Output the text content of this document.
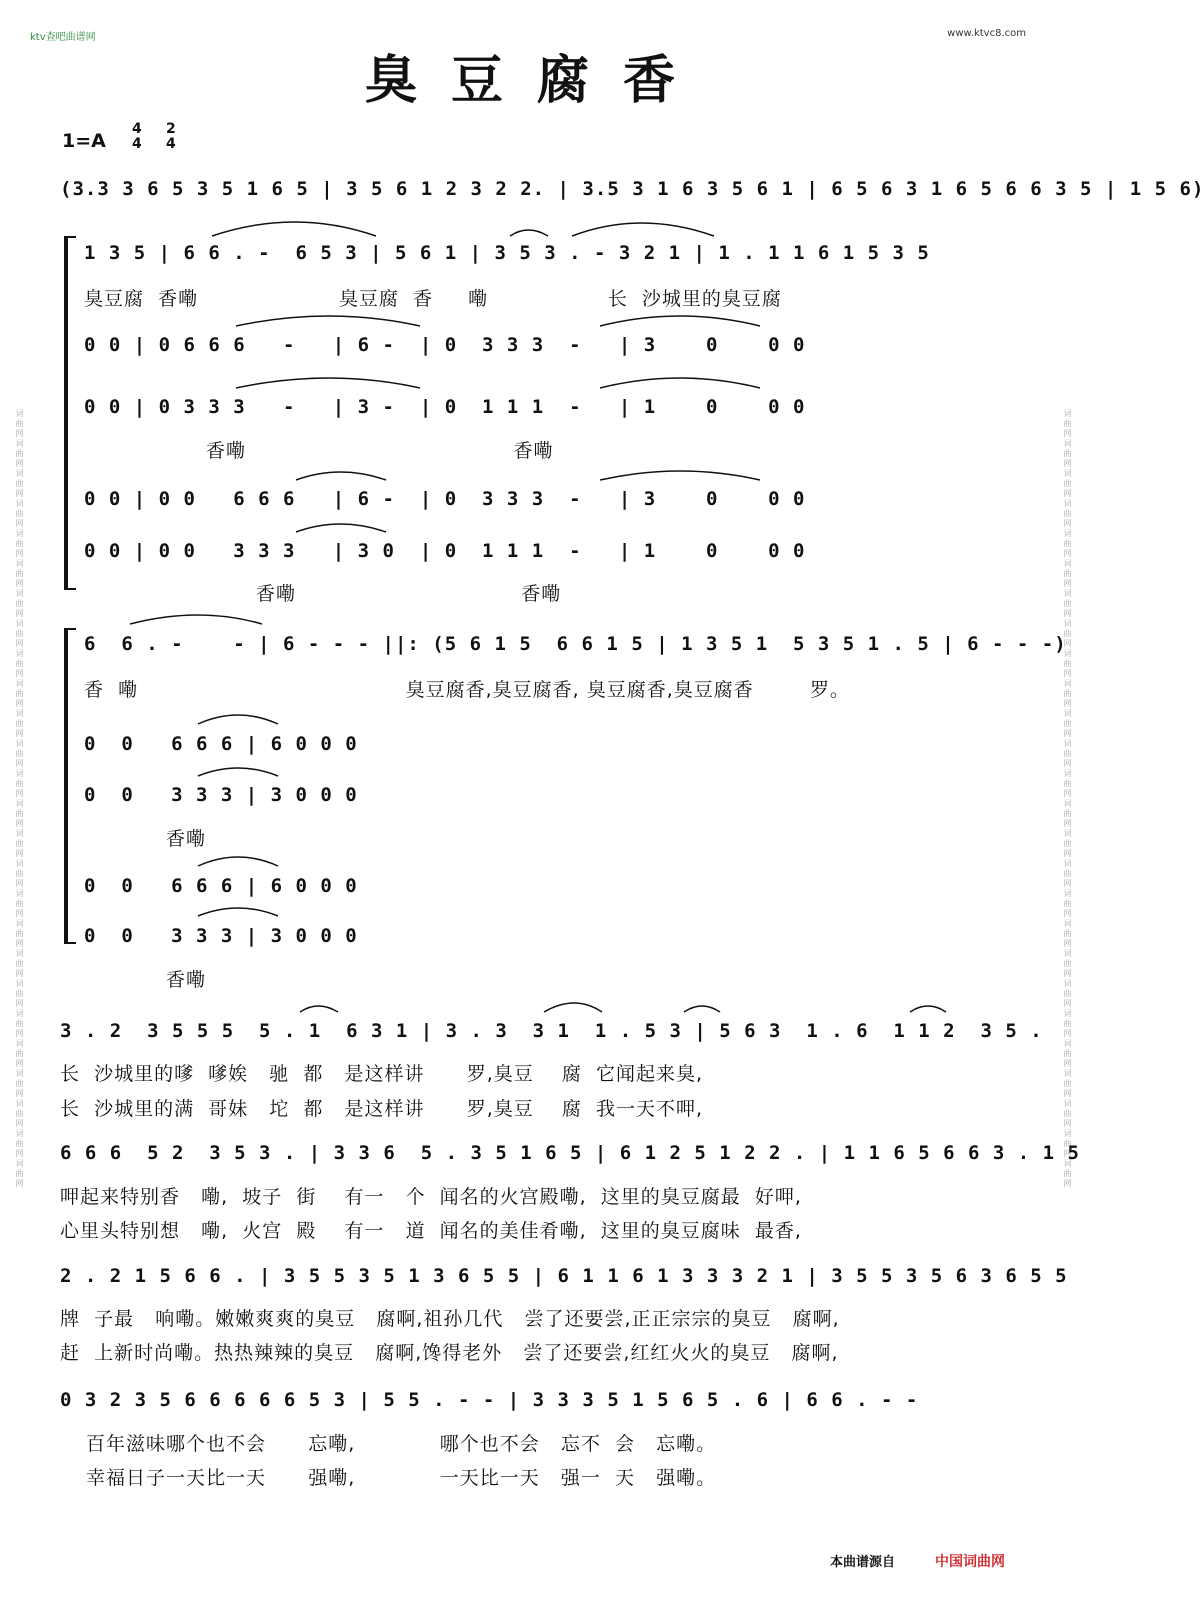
词曲网词曲网词曲网词曲网词曲网词曲网词曲网词曲网词曲网词曲网词曲网词曲网词曲网词曲网词曲网词曲网词曲网词曲网词曲网词曲网词曲网词曲网词曲网词曲网词曲网词曲网	词曲网词曲网词曲网词曲网词曲网词曲网词曲网词曲网词曲网词曲网词曲网词曲网词曲网词曲网词曲网词曲网词曲网词曲网词曲网词曲网词曲网词曲网词曲网词曲网词曲网词曲网
ktv查吧曲谱网	www.ktvc8.com
臭豆腐香
1=A
4
4
2
4
(3.3 3 6 5 3 5 1 6 5 | 3 5 6 1 2 3 2 2. | 3.5 3 1 6 3 5 6 1 | 6 5 6 3 1 6 5 6 6 3 5 | 1 5 6)
1 3 5 | 6 6 . -  6 5 3 | 5 6 1 | 3 5 3 . - 3 2 1 | 1 . 1 1 6 1 5 3 5
臭豆腐  香嘞                    臭豆腐  香     嘞                 长  沙城里的臭豆腐
0 0 | 0 6 6 6   -   | 6 -  | 0  3 3 3  -   | 3    0    0 0
0 0 | 0 3 3 3   -   | 3 -  | 0  1 1 1  -   | 1    0    0 0
香嘞                                      香嘞
0 0 | 0 0   6 6 6   | 6 -  | 0  3 3 3  -   | 3    0    0 0
0 0 | 0 0   3 3 3   | 3 0  | 0  1 1 1  -   | 1    0    0 0
香嘞                                香嘞
6  6 . -    - | 6 - - - ||: (5 6 1 5  6 6 1 5 | 1 3 5 1  5 3 5 1 . 5 | 6 - - -)
香  嘞                                      臭豆腐香,臭豆腐香, 臭豆腐香,臭豆腐香        罗。
0  0   6 6 6 | 6 0 0 0
0  0   3 3 3 | 3 0 0 0
香嘞
0  0   6 6 6 | 6 0 0 0
0  0   3 3 3 | 3 0 0 0
香嘞
3 . 2  3 5 5 5  5 . 1  6 3 1 | 3 . 3  3 1  1 . 5 3 | 5 6 3  1 . 6  1 1 2  3 5 .
长  沙城里的嗲  嗲娭   驰  都   是这样讲      罗,臭豆    腐  它闻起来臭,
长  沙城里的满  哥妹   坨  都   是这样讲      罗,臭豆    腐  我一天不呷,
6 6 6  5 2  3 5 3 . | 3 3 6  5 . 3 5 1 6 5 | 6 1 2 5 1 2 2 . | 1 1 6 5 6 6 3 . 1 5
呷起来特别香   嘞,  坡子  街    有一   个  闻名的火宫殿嘞,  这里的臭豆腐最  好呷,
心里头特别想   嘞,  火宫  殿    有一   道  闻名的美佳肴嘞,  这里的臭豆腐味  最香,
2 . 2 1 5 6 6 . | 3 5 5 3 5 1 3 6 5 5 | 6 1 1 6 1 3 3 3 2 1 | 3 5 5 3 5 6 3 6 5 5
牌  子最   响嘞。嫩嫩爽爽的臭豆   腐啊,祖孙几代   尝了还要尝,正正宗宗的臭豆   腐啊,
赶  上新时尚嘞。热热辣辣的臭豆   腐啊,馋得老外   尝了还要尝,红红火火的臭豆   腐啊,
0 3 2 3 5 6 6 6 6 6 5 3 | 5 5 . - - | 3 3 3 5 1 5 6 5 . 6 | 6 6 . - -
百年滋味哪个也不会      忘嘞,            哪个也不会   忘不  会   忘嘞。
幸福日子一天比一天      强嘞,            一天比一天   强一  天   强嘞。
本曲谱源自	中国词曲网
